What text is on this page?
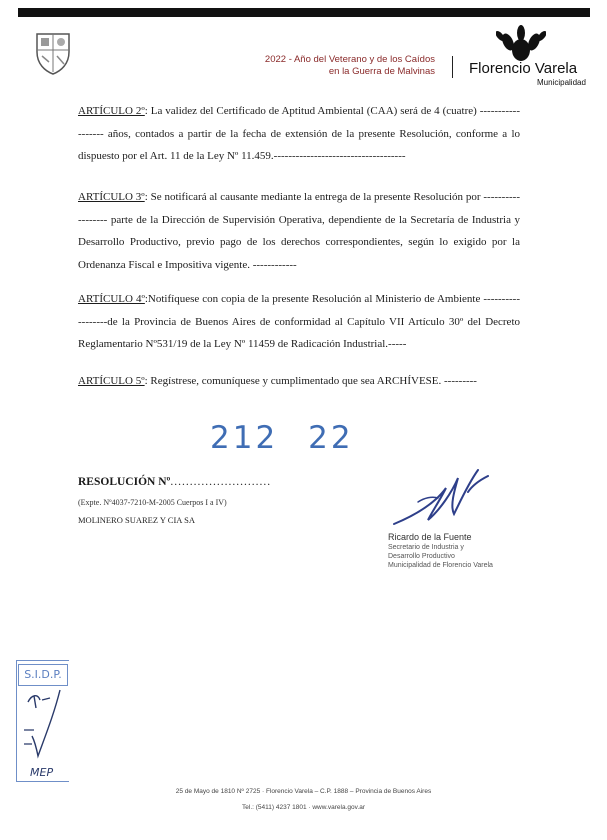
2022 - Año del Veterano y de los Caídos
en la Guerra de Malvinas Florencio Varela
Municipalidad
ARTÍCULO 2º: La validez del Certificado de Aptitud Ambiental (CAA) será de 4 (cuatre) ------------------ años, contados a partir de la fecha de extensión de la presente Resolución, conforme a lo dispuesto por el Art. 11 de la Ley Nº 11.459.------------------------------------
ARTÍCULO 3º: Se notificará al causante mediante la entrega de la presente Resolución por ------------------ parte de la Dirección de Supervisión Operativa, dependiente de la Secretaría de Industria y Desarrollo Productivo, previo pago de los derechos correspondientes, según lo exigido por la Ordenanza Fiscal e Impositiva vigente. ------------
ARTÍCULO 4º:Notifíquese con copia de la presente Resolución al Ministerio de Ambiente ------------------de la Provincia de Buenos Aires de conformidad al Capítulo VII Artículo 30º del Decreto Reglamentario Nº531/19 de la Ley Nº 11459 de Radicación Industrial.-----
ARTÍCULO 5º: Regístrese, comuníquese y cumplimentado que sea ARCHÍVESE. ---------
212 22
RESOLUCIÓN Nº..........................
(Expte. Nº4037-7210-M-2005 Cuerpos I a IV)
MOLINERO SUAREZ Y CIA SA
Ricardo de la Fuente
Secretario de Industria y
Desarrollo Productivo
Municipalidad de Florencio Varela
S.I.D.P.
MEP
25 de Mayo de 1810 Nº 2725 · Florencio Varela – C.P. 1888 – Provincia de Buenos Aires
Tel.: (5411) 4237 1801 · www.varela.gov.ar
